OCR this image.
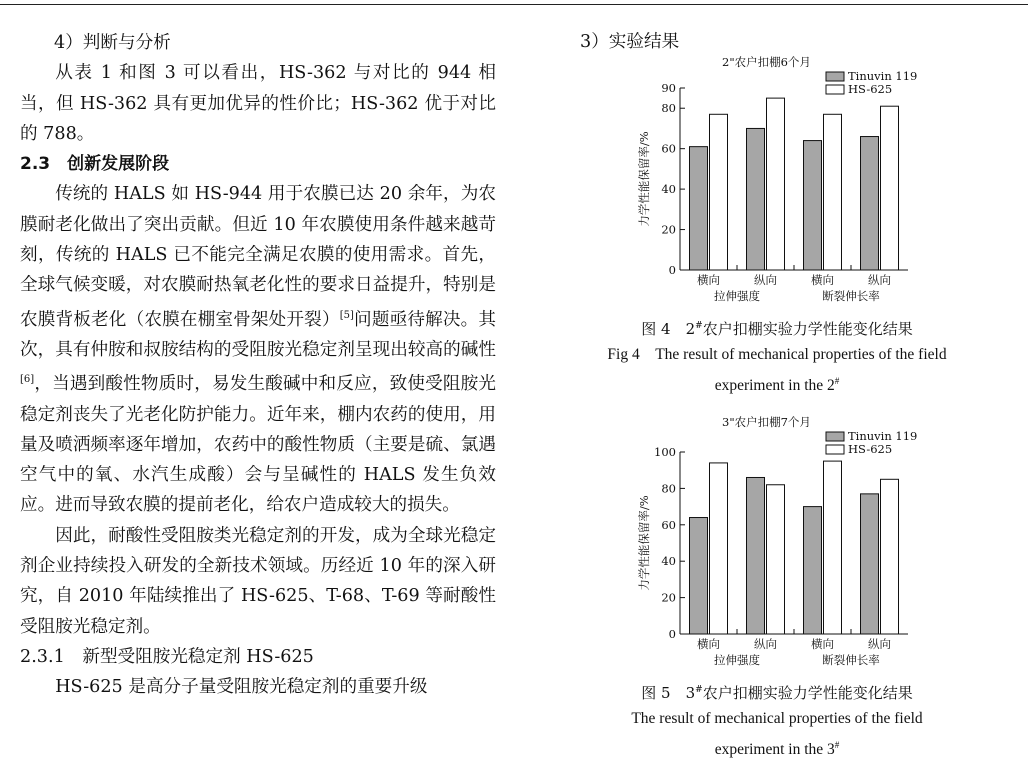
4）判断与分析

从表 1 和图 3 可以看出，HS-362 与对比的 944 相当，但 HS-362 具有更加优异的性价比；HS-362 优于对比的 788。

2.3　创新发展阶段

传统的 HALS 如 HS-944 用于农膜已达 20 余年，为农膜耐老化做出了突出贡献。但近 10 年农膜使用条件越来越苛刻，传统的 HALS 已不能完全满足农膜的使用需求。首先，全球气候变暖，对农膜耐热氧老化性的要求日益提升，特别是农膜背板老化（农膜在棚室骨架处开裂）[5]问题亟待解决。其次，具有仲胺和叔胺结构的受阻胺光稳定剂呈现出较高的碱性[6]，当遇到酸性物质时，易发生酸碱中和反应，致使受阻胺光稳定剂丧失了光老化防护能力。近年来，棚内农药的使用，用量及喷洒频率逐年增加，农药中的酸性物质（主要是硫、氯遇空气中的氧、水汽生成酸）会与呈碱性的 HALS 发生负效应。进而导致农膜的提前老化，给农户造成较大的损失。

因此，耐酸性受阻胺类光稳定剂的开发，成为全球光稳定剂企业持续投入研发的全新技术领域。历经近 10 年的深入研究，自 2010 年陆续推出了 HS-625、T-68、T-69 等耐酸性受阻胺光稳定剂。

2.3.1　新型受阻胺光稳定剂 HS-625

HS-625 是高分子量受阻胺光稳定剂的重要升级

3）实验结果
2"农户扣棚6个月
Tinuvin 119
HS-625
0
20
40
60
80
90
力学性能保留率/%
横向	纵向	横向	纵向
拉伸强度	断裂伸长率
图 4　2#农户扣棚实验力学性能变化结果
Fig 4　The result of mechanical properties of the field
experiment in the 2#
3"农户扣棚7个月
Tinuvin 119
HS-625
0
20
40
60
80
100
力学性能保留率/%
横向	纵向	横向	纵向
拉伸强度	断裂伸长率
图 5　3#农户扣棚实验力学性能变化结果
The result of mechanical properties of the field
experiment in the 3#
